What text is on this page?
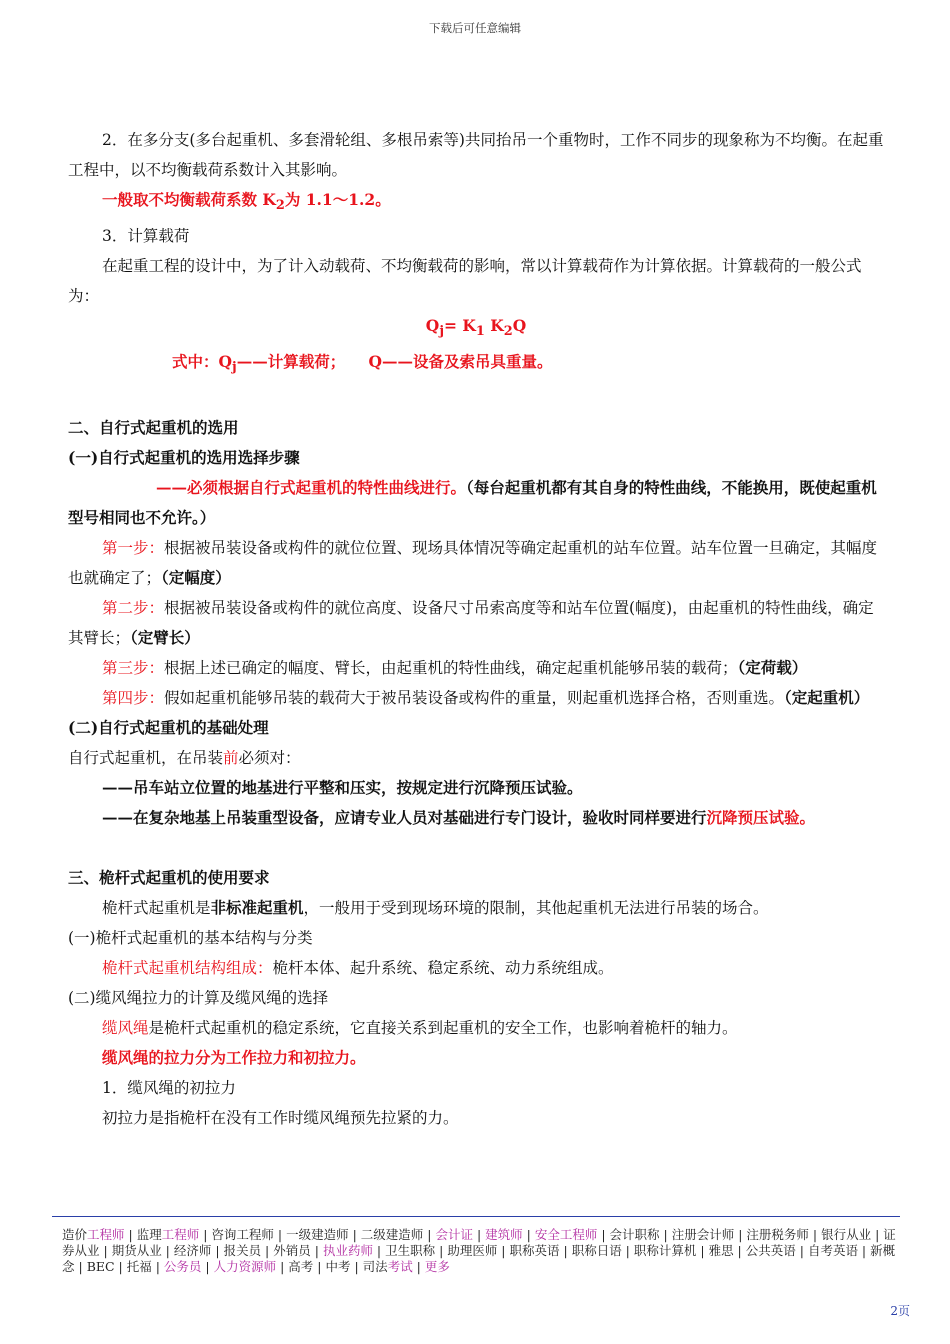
下载后可任意编辑

2．在多分支(多台起重机、多套滑轮组、多根吊索等)共同抬吊一个重物时，工作不同步的现象称为不均衡。在起重工程中，以不均衡载荷系数计入其影响。

一般取不均衡载荷系数 $K_2$为 1.1～1.2。

3．计算载荷

在起重工程的设计中，为了计入动载荷、不均衡载荷的影响，常以计算载荷作为计算依据。计算载荷的一般公式为：

$Q_j= K_1$ $K_2Q$

式中：$Q_j——$计算载荷；　　Q——设备及索吊具重量。

二、自行式起重机的选用

(一)自行式起重机的选用选择步骤

——必须根据自行式起重机的特性曲线进行。（每台起重机都有其自身的特性曲线，不能换用，既使起重机型号相同也不允许。）

第一步：根据被吊装设备或构件的就位位置、现场具体情况等确定起重机的站车位置。站车位置一旦确定，其幅度也就确定了；（定幅度）

第二步：根据被吊装设备或构件的就位高度、设备尺寸吊索高度等和站车位置(幅度)，由起重机的特性曲线，确定其臂长；（定臂长）

第三步：根据上述已确定的幅度、臂长，由起重机的特性曲线，确定起重机能够吊装的载荷；（定荷载）

第四步：假如起重机能够吊装的载荷大于被吊装设备或构件的重量，则起重机选择合格，否则重选。（定起重机）

(二)自行式起重机的基础处理

自行式起重机，在吊装前必须对：

——吊车站立位置的地基进行平整和压实，按规定进行沉降预压试验。

——在复杂地基上吊装重型设备，应请专业人员对基础进行专门设计，验收时同样要进行沉降预压试验。

三、桅杆式起重机的使用要求

桅杆式起重机是非标准起重机，一般用于受到现场环境的限制，其他起重机无法进行吊装的场合。

(一)桅杆式起重机的基本结构与分类

桅杆式起重机结构组成：桅杆本体、起升系统、稳定系统、动力系统组成。

(二)缆风绳拉力的计算及缆风绳的选择

缆风绳是桅杆式起重机的稳定系统，它直接关系到起重机的安全工作，也影响着桅杆的轴力。

缆风绳的拉力分为工作拉力和初拉力。

1．缆风绳的初拉力

初拉力是指桅杆在没有工作时缆风绳预先拉紧的力。

造价工程师 | 监理工程师 | 咨询工程师 | 一级建造师 | 二级建造师 | 会计证 | 建筑师 | 安全工程师 | 会计职称 | 注册会计师 | 注册税务师 | 银行从业 | 证券从业 | 期货从业 | 经济师 | 报关员 | 外销员 | 执业药师 | 卫生职称 | 助理医师 | 职称英语 | 职称日语 | 职称计算机 | 雅思 | 公共英语 | 自考英语 | 新概念 | BEC | 托福 | 公务员 | 人力资源师 | 高考 | 中考 | 司法考试 | 更多
2页
